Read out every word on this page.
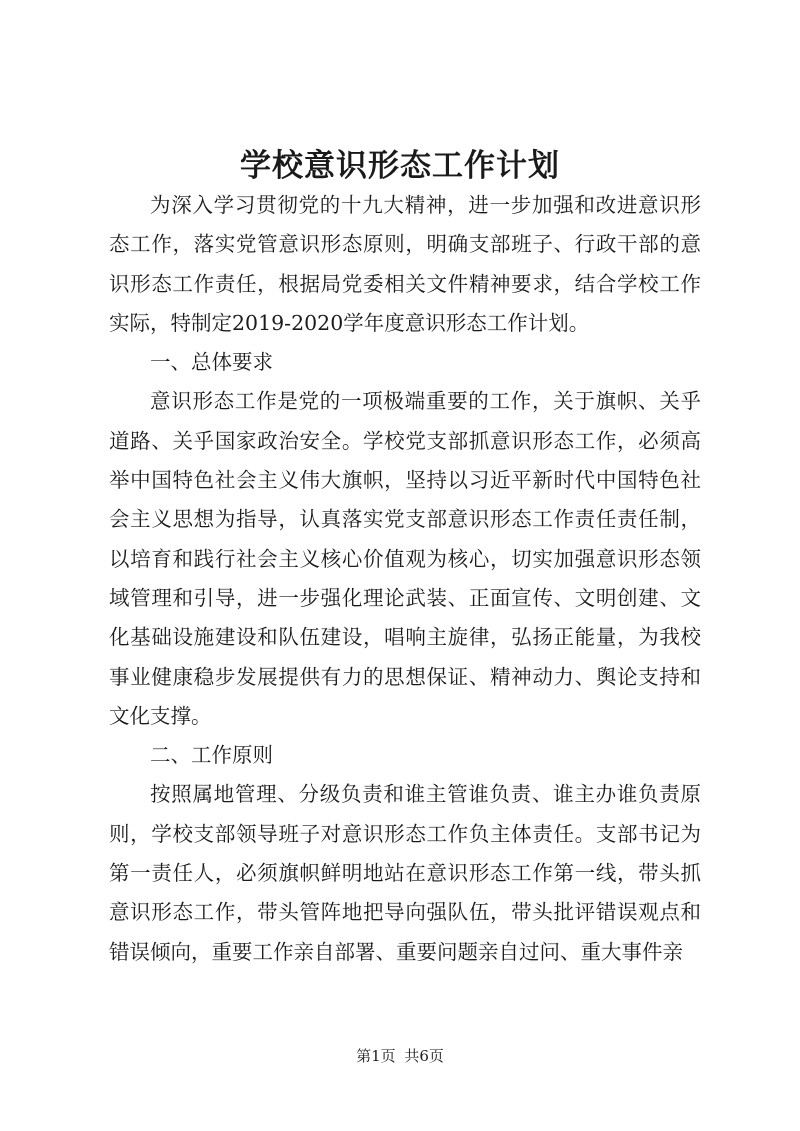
学校意识形态工作计划

为深入学习贯彻党的十九大精神，进一步加强和改进意识形态工作，落实党管意识形态原则，明确支部班子、行政干部的意识形态工作责任，根据局党委相关文件精神要求，结合学校工作实际，特制定2019-2020学年度意识形态工作计划。

一、总体要求

意识形态工作是党的一项极端重要的工作，关于旗帜、关乎道路、关乎国家政治安全。学校党支部抓意识形态工作，必须高举中国特色社会主义伟大旗帜，坚持以习近平新时代中国特色社会主义思想为指导，认真落实党支部意识形态工作责任责任制，以培育和践行社会主义核心价值观为核心，切实加强意识形态领域管理和引导，进一步强化理论武装、正面宣传、文明创建、文化基础设施建设和队伍建设，唱响主旋律，弘扬正能量，为我校事业健康稳步发展提供有力的思想保证、精神动力、舆论支持和文化支撑。

二、工作原则

按照属地管理、分级负责和谁主管谁负责、谁主办谁负责原则，学校支部领导班子对意识形态工作负主体责任。支部书记为第一责任人，必须旗帜鲜明地站在意识形态工作第一线，带头抓意识形态工作，带头管阵地把导向强队伍，带头批评错误观点和错误倾向，重要工作亲自部署、重要问题亲自过问、重大事件亲

第1页 共6页
